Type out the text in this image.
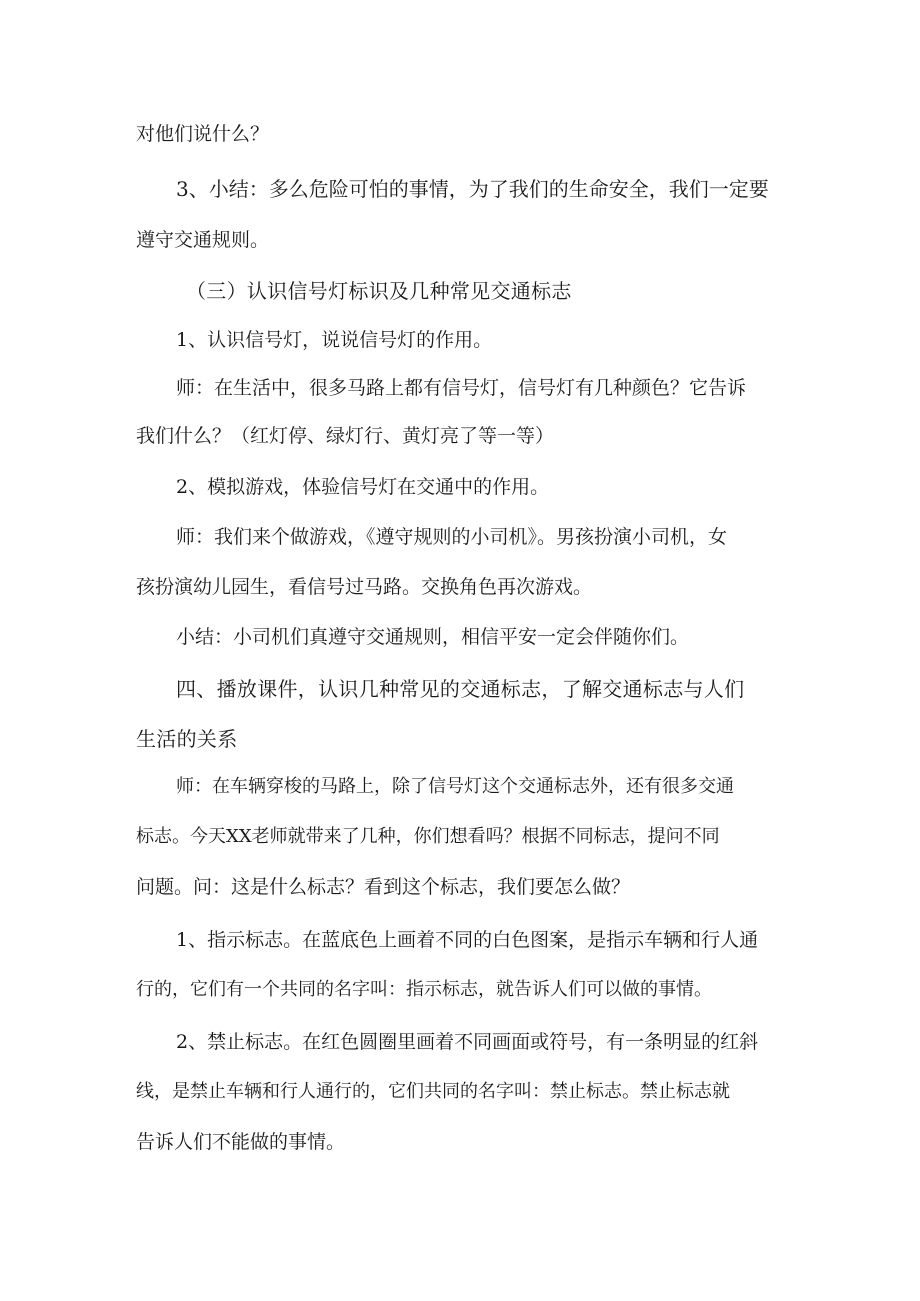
对他们说什么？
3、小结：多么危险可怕的事情，为了我们的生命安全，我们一定要
遵守交通规则。
（三）认识信号灯标识及几种常见交通标志
1、认识信号灯，说说信号灯的作用。
师：在生活中，很多马路上都有信号灯，信号灯有几种颜色？它告诉
我们什么？（红灯停、绿灯行、黄灯亮了等一等）
2、模拟游戏，体验信号灯在交通中的作用。
师：我们来个做游戏，《遵守规则的小司机》。男孩扮演小司机，女
孩扮演幼儿园生，看信号过马路。交换角色再次游戏。
小结：小司机们真遵守交通规则，相信平安一定会伴随你们。
四、播放课件，认识几种常见的交通标志，了解交通标志与人们
生活的关系
师：在车辆穿梭的马路上，除了信号灯这个交通标志外，还有很多交通
标志。今天XX老师就带来了几种，你们想看吗？根据不同标志，提问不同
问题。问：这是什么标志？看到这个标志，我们要怎么做？
1、指示标志。在蓝底色上画着不同的白色图案，是指示车辆和行人通
行的，它们有一个共同的名字叫：指示标志，就告诉人们可以做的事情。
2、禁止标志。在红色圆圈里画着不同画面或符号，有一条明显的红斜
线，是禁止车辆和行人通行的，它们共同的名字叫：禁止标志。禁止标志就
告诉人们不能做的事情。
